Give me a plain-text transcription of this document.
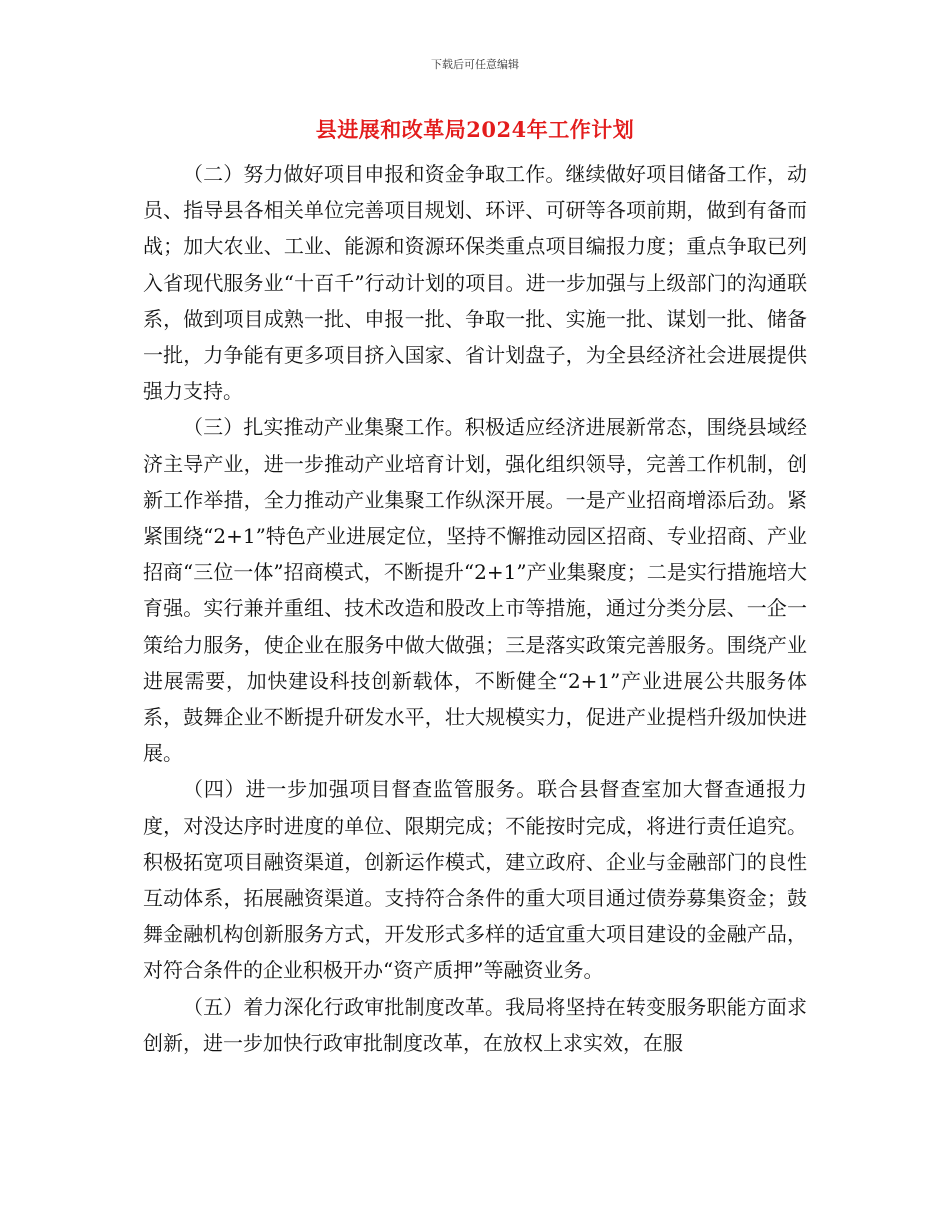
下载后可任意编辑
县进展和改革局2024年工作计划

（二）努力做好项目申报和资金争取工作。继续做好项目储备工作，动员、指导县各相关单位完善项目规划、环评、可研等各项前期，做到有备而战；加大农业、工业、能源和资源环保类重点项目编报力度；重点争取已列入省现代服务业“十百千”行动计划的项目。进一步加强与上级部门的沟通联系，做到项目成熟一批、申报一批、争取一批、实施一批、谋划一批、储备一批，力争能有更多项目挤入国家、省计划盘子，为全县经济社会进展提供强力支持。

（三）扎实推动产业集聚工作。积极适应经济进展新常态，围绕县域经济主导产业，进一步推动产业培育计划，强化组织领导，完善工作机制，创新工作举措，全力推动产业集聚工作纵深开展。一是产业招商增添后劲。紧紧围绕“2+1”特色产业进展定位，坚持不懈推动园区招商、专业招商、产业招商“三位一体”招商模式，不断提升“2+1”产业集聚度；二是实行措施培大育强。实行兼并重组、技术改造和股改上市等措施，通过分类分层、一企一策给力服务，使企业在服务中做大做强；三是落实政策完善服务。围绕产业进展需要，加快建设科技创新载体，不断健全“2+1”产业进展公共服务体系，鼓舞企业不断提升研发水平，壮大规模实力，促进产业提档升级加快进展。

（四）进一步加强项目督查监管服务。联合县督查室加大督查通报力度，对没达序时进度的单位、限期完成；不能按时完成，将进行责任追究。积极拓宽项目融资渠道，创新运作模式，建立政府、企业与金融部门的良性互动体系，拓展融资渠道。支持符合条件的重大项目通过债券募集资金；鼓舞金融机构创新服务方式，开发形式多样的适宜重大项目建设的金融产品，对符合条件的企业积极开办“资产质押”等融资业务。

（五）着力深化行政审批制度改革。我局将坚持在转变服务职能方面求创新，进一步加快行政审批制度改革，在放权上求实效，在服
